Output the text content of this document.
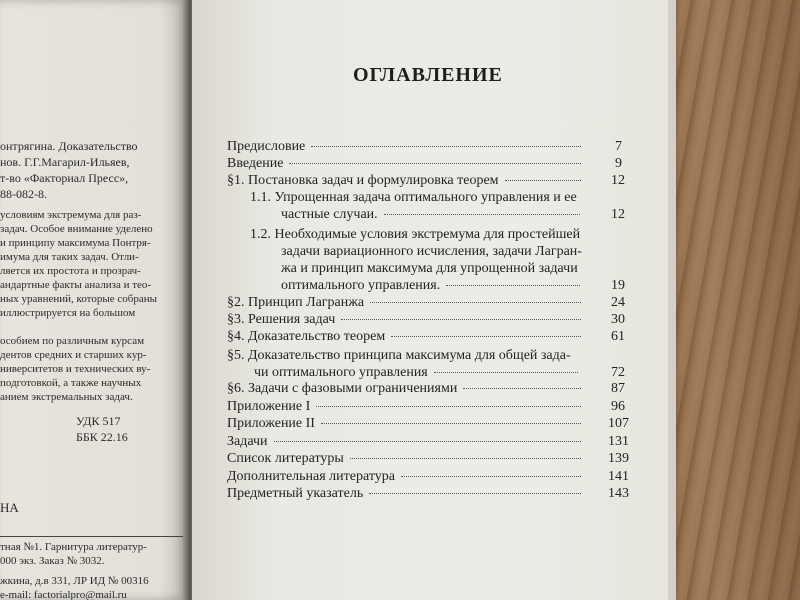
онтрягина. Доказательство
нов. Г.Г.Магарил-Ильяев,
т-во «Факториал Пресс»,
88-082-8.
условиям экстремума для раз-
задач. Особое внимание уделено
и принципу максимума Понтря-
имума для таких задач. Отли-
ляется их простота и прозрач-
андартные факты анализа и теo-
ных уравнений, которые собраны
иллюстрируется на большом
особием по различным курсам
дентов средних и старших кур-
ниверситетов и технических ву-
подготовкой, а также научных
анием экстремальных задач.
УДК 517
ББК 22.16
НА
тная №1. Гарнитура литератур-
000 экз. Заказ № 3032.
жкина, д.в 331, ЛР ИД № 00316
e-mail: factorialpro@mail.ru
ОГЛАВЛЕНИЕ
Предисловие	7
Введение	9
§1. Постановка задач и формулировка теорем	12
1.1. Упрощенная задача оптимального управления и ее
частные случаи.	12
1.2. Необходимые условия экстремума для простейшей
задачи вариационного исчисления, задачи Лагран-
жа и принцип максимума для упрощенной задачи
оптимального управления.	19
§2. Принцип Лагранжа	24
§3. Решения задач	30
§4. Доказательство теорем	61
§5. Доказательство принципа максимума для общей зада-
чи оптимального управления	72
§6. Задачи с фазовыми ограничениями	87
Приложение I	96
Приложение II	107
Задачи	131
Список литературы	139
Дополнительная литература	141
Предметный указатель	143
